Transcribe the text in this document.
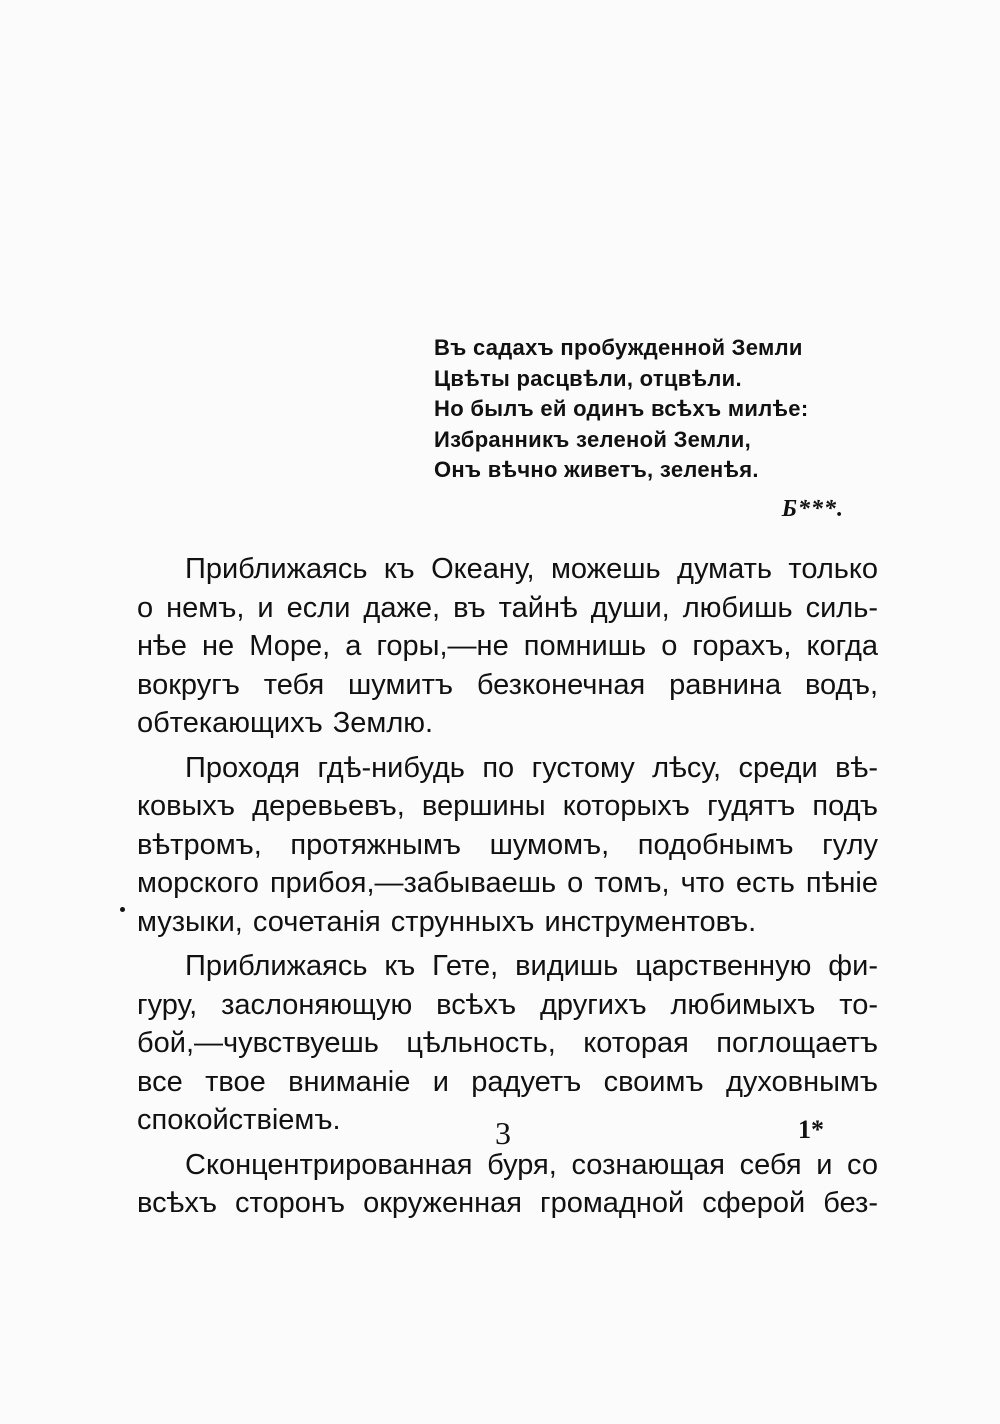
Въ садахъ пробужденной Земли
Цвѣты расцвѣли, отцвѣли.
Но былъ ей одинъ всѣхъ милѣе:
Избранникъ зеленой Земли,
Онъ вѣчно живетъ, зеленѣя.
Б***.
Приближаясь къ Океану, можешь думать только
о немъ, и если даже, въ тайнѣ души, любишь силь-
нѣе не Море, а горы,—не помнишь о горахъ, когда
вокругъ тебя шумитъ безконечная равнина водъ,
обтекающихъ Землю.
Проходя гдѣ-нибудь по густому лѣсу, среди вѣ-
ковыхъ деревьевъ, вершины которыхъ гудятъ подъ
вѣтромъ, протяжнымъ шумомъ, подобнымъ гулу
морского прибоя,—забываешь о томъ, что есть пѣніе
музыки, сочетанія струнныхъ инструментовъ.
Приближаясь къ Гете, видишь царственную фи-
гуру, заслоняющую всѣхъ другихъ любимыхъ то-
бой,—чувствуешь цѣльность, которая поглощаетъ
все твое вниманіе и радуетъ своимъ духовнымъ
спокойствіемъ.
Сконцентрированная буря, сознающая себя и со
всѣхъ сторонъ окруженная громадной сферой без-
3	1*
